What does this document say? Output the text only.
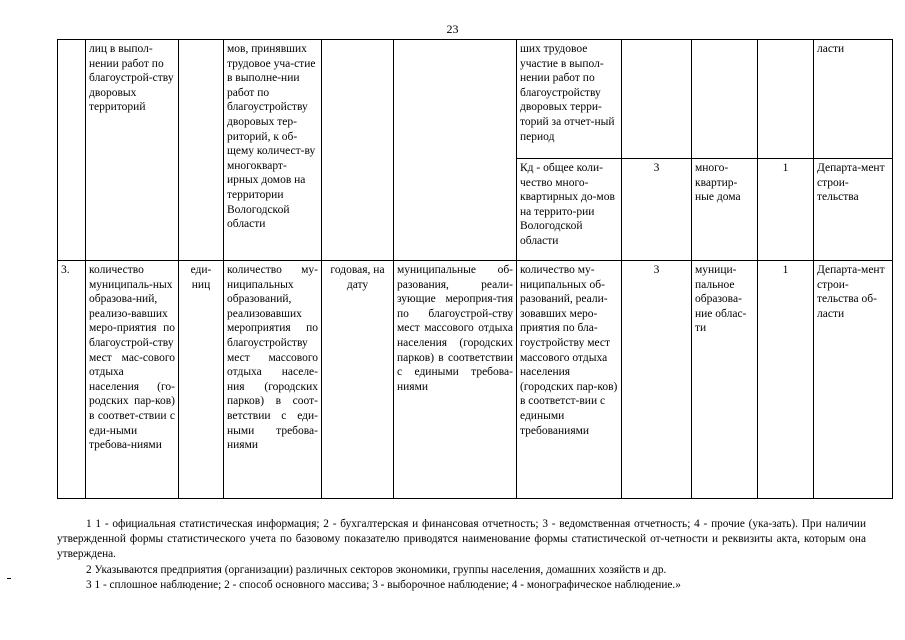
23
	лиц в выпол-нении работ по благоустрой-ству дворовых территорий		мов, принявших трудовое уча-стие в выполне-нии работ по благоустройству дворовых тер-риторий, к об-щему количест-ву многокварт-ирных домов на территории Вологодской области			ших трудовое участие в выпол-нении работ по благоустройству дворовых терри-торий за отчет-ный период				ласти
						Кд - общее коли-чество много-квартирных до-мов на террито-рии Вологодской области	3	много-квартир-ные дома	1	Департа-мент строи-тельства
3.	количество муниципаль-ных образова-ний, реализо-вавших меро-приятия по благоустрой-ству мест мас-сового отдыха населения (го-родских пар-ков) в соответ-ствии с еди-ными требова-ниями	еди-ниц	количество му-ниципальных образований, реализовавших мероприятия по благоустройству мест массового отдыха населе-ния (городских парков) в соот-ветствии с еди-ными требова-ниями	годовая, на дату	муниципальные об-разования, реали-зующие мероприя-тия по благоустрой-ству мест массового отдыха населения (городских парков) в соответствии с едиными требова-ниями	количество му-ниципальных об-разований, реали-зовавших меро-приятия по бла-гоустройству мест массового отдыха населения (городских пар-ков) в соответст-вии с едиными требованиями	3	муници-пальное образова-ние облас-ти	1	Департа-мент строи-тельства об-ласти

1 1 - официальная статистическая информация; 2 - бухгалтерская и финансовая отчетность; 3 - ведомственная отчетность; 4 - прочие (ука-зать). При наличии утвержденной формы статистического учета по базовому показателю приводятся наименование формы статистической от-четности и реквизиты акта, которым она утверждена.

2 Указываются предприятия (организации) различных секторов экономики, группы населения, домашних хозяйств и др.

3 1 - сплошное наблюдение; 2 - способ основного массива; 3 - выборочное наблюдение; 4 - монографическое наблюдение.»
